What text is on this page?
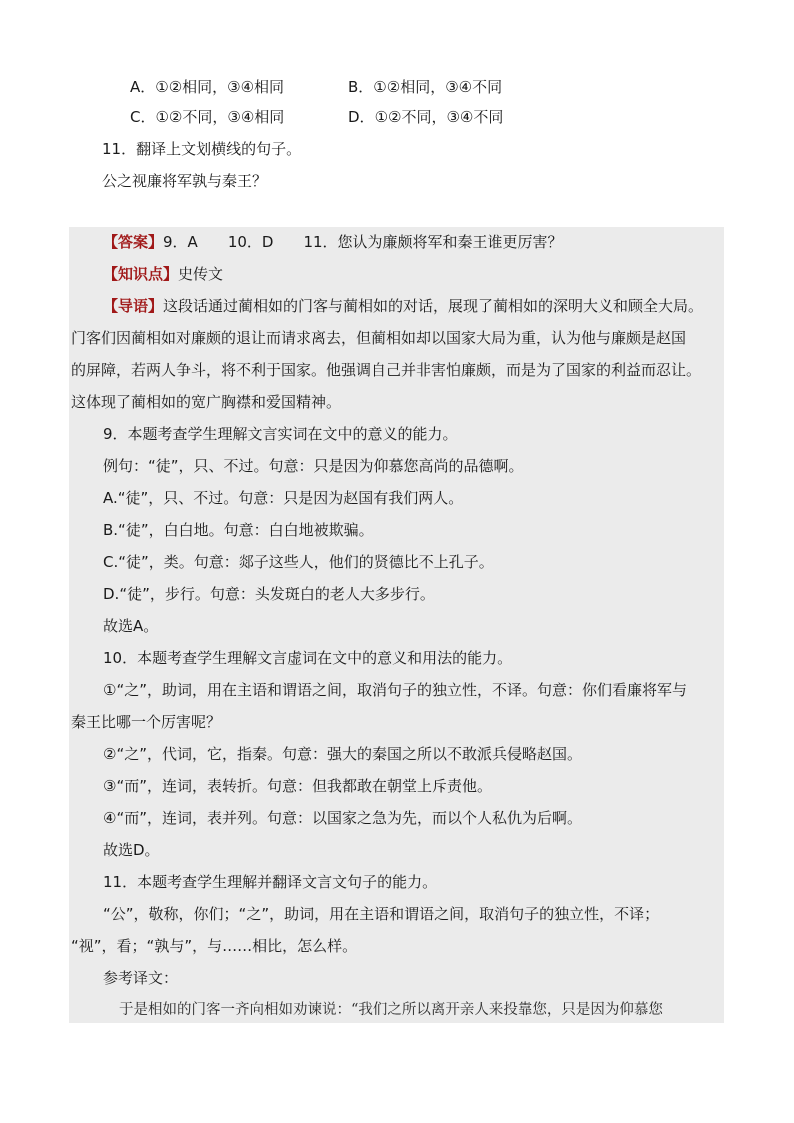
A．①②相同，③④相同	B．①②相同，③④不同
C．①②不同，③④相同	D．①②不同，③④不同
11．翻译上文划横线的句子。
公之视廉将军孰与秦王？
【答案】9．A　　10．D　　11．您认为廉颇将军和秦王谁更厉害？
【知识点】史传文
【导语】这段话通过蔺相如的门客与蔺相如的对话，展现了蔺相如的深明大义和顾全大局。
门客们因蔺相如对廉颇的退让而请求离去，但蔺相如却以国家大局为重，认为他与廉颇是赵国
的屏障，若两人争斗，将不利于国家。他强调自己并非害怕廉颇，而是为了国家的利益而忍让。
这体现了蔺相如的宽广胸襟和爱国精神。
9．本题考查学生理解文言实词在文中的意义的能力。
例句：“徒”，只、不过。句意：只是因为仰慕您高尚的品德啊。
A.“徒”，只、不过。句意：只是因为赵国有我们两人。
B.“徒”，白白地。句意：白白地被欺骗。
C.“徒”，类。句意：郯子这些人，他们的贤德比不上孔子。
D.“徒”，步行。句意：头发斑白的老人大多步行。
故选A。
10．本题考查学生理解文言虚词在文中的意义和用法的能力。
①“之”，助词，用在主语和谓语之间，取消句子的独立性，不译。句意：你们看廉将军与
秦王比哪一个厉害呢？
②“之”，代词，它，指秦。句意：强大的秦国之所以不敢派兵侵略赵国。
③“而”，连词，表转折。句意：但我都敢在朝堂上斥责他。
④“而”，连词，表并列。句意：以国家之急为先，而以个人私仇为后啊。
故选D。
11．本题考查学生理解并翻译文言文句子的能力。
“公”，敬称，你们；“之”，助词，用在主语和谓语之间，取消句子的独立性，不译；
“视”，看；“孰与”，与……相比，怎么样。
参考译文：
于是相如的门客一齐向相如劝谏说：“我们之所以离开亲人来投靠您，只是因为仰慕您
